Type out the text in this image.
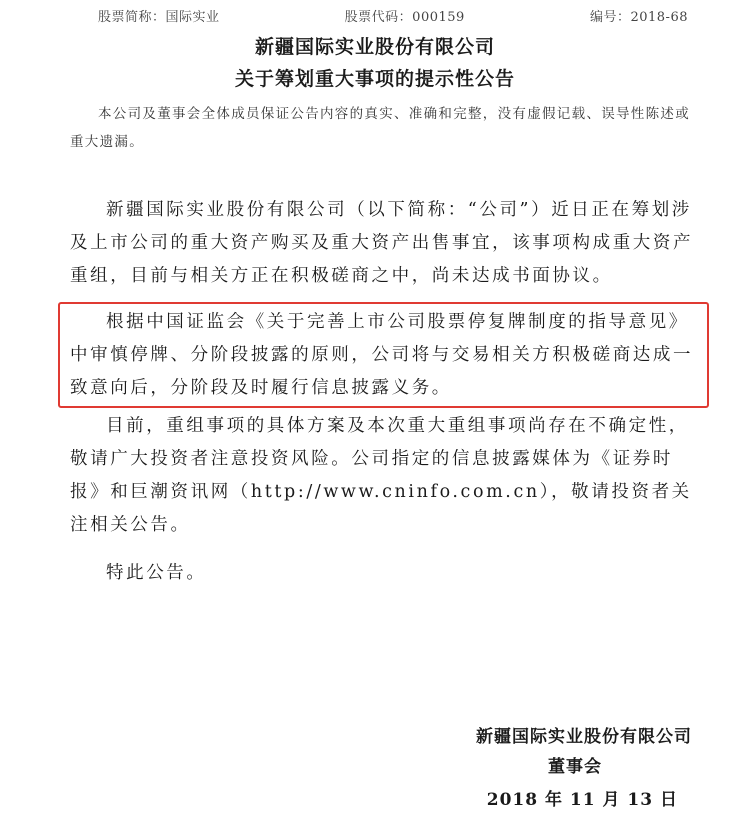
股票简称：国际实业	股票代码：000159	编号：2018-68
新疆国际实业股份有限公司
关于筹划重大事项的提示性公告
本公司及董事会全体成员保证公告内容的真实、准确和完整，没有虚假记载、误导性陈述或重大遗漏。

新疆国际实业股份有限公司（以下简称：“公司”）近日正在筹划涉及上市公司的重大资产购买及重大资产出售事宜，该事项构成重大资产重组，目前与相关方正在积极磋商之中，尚未达成书面协议。

根据中国证监会《关于完善上市公司股票停复牌制度的指导意见》中审慎停牌、分阶段披露的原则，公司将与交易相关方积极磋商达成一致意向后，分阶段及时履行信息披露义务。

目前，重组事项的具体方案及本次重大重组事项尚存在不确定性，敬请广大投资者注意投资风险。公司指定的信息披露媒体为《证券时报》和巨潮资讯网（http://www.cninfo.com.cn），敬请投资者关注相关公告。

特此公告。

新疆国际实业股份有限公司
董事会
2018 年 11 月 13 日
